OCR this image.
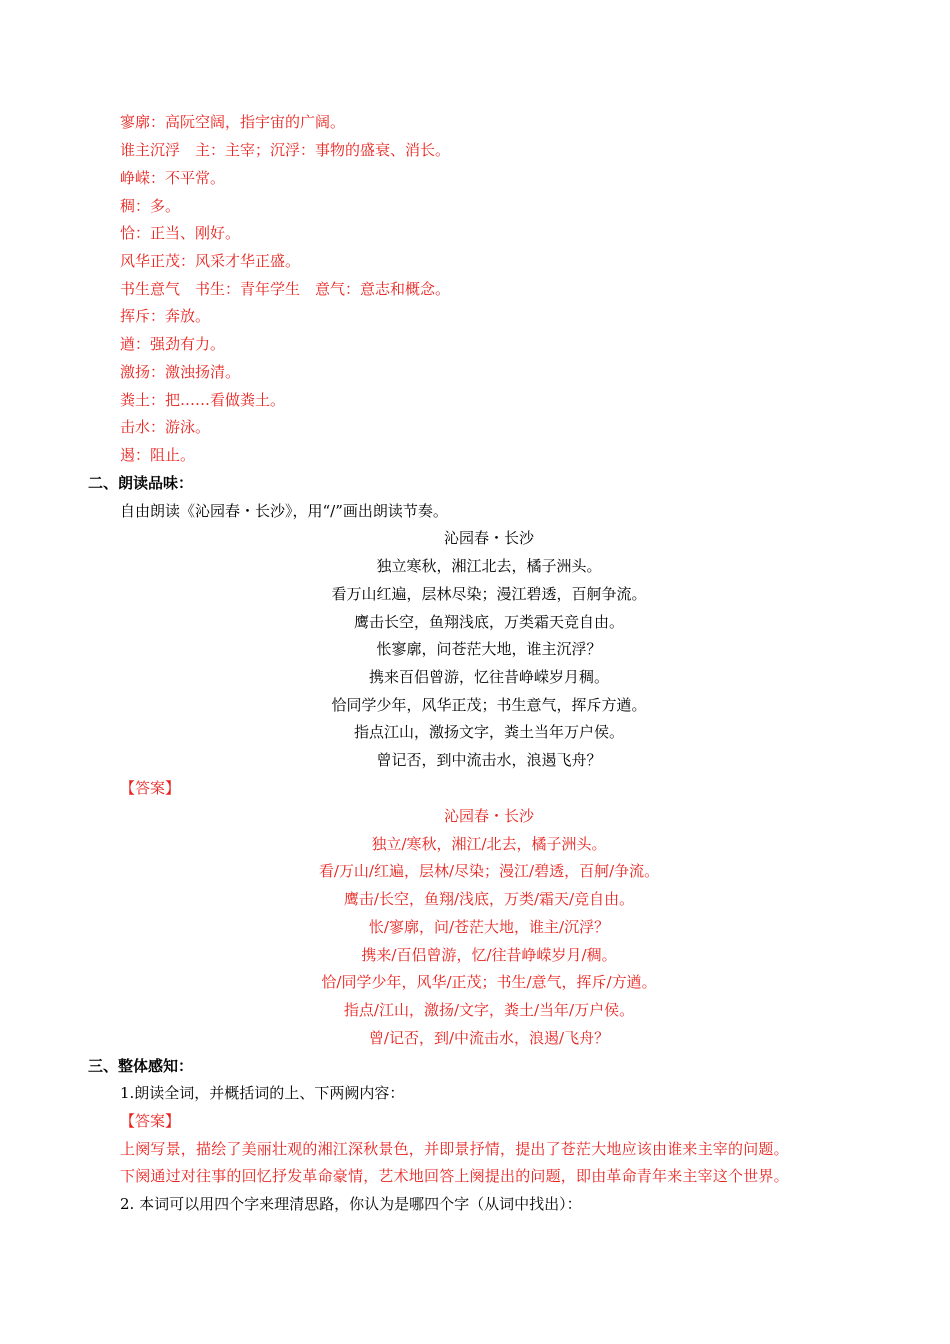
寥廓：高阮空阔，指宇宙的广阔。
谁主沉浮　主：主宰；沉浮：事物的盛衰、消长。
峥嵘：不平常。
稠：多。
恰：正当、刚好。
风华正茂：风采才华正盛。
书生意气　书生：青年学生　意气：意志和概念。
挥斥：奔放。
遒：强劲有力。
激扬：激浊扬清。
粪土：把……看做粪土。
击水：游泳。
遏：阻止。
二、朗读品味：
自由朗读《沁园春・长沙》，用“/”画出朗读节奏。
沁园春・长沙
独立寒秋，湘江北去，橘子洲头。
看万山红遍，层林尽染；漫江碧透，百舸争流。
鹰击长空，鱼翔浅底，万类霜天竞自由。
怅寥廓，问苍茫大地，谁主沉浮？
携来百侣曾游，忆往昔峥嵘岁月稠。
恰同学少年，风华正茂；书生意气，挥斥方遒。
指点江山，激扬文字，粪土当年万户侯。
曾记否，到中流击水，浪遏飞舟？
【答案】
沁园春・长沙
独立/寒秋，湘江/北去，橘子洲头。
看/万山/红遍，层林/尽染；漫江/碧透，百舸/争流。
鹰击/长空，鱼翔/浅底，万类/霜天/竞自由。
怅/寥廓，问/苍茫大地，谁主/沉浮？
携来/百侣曾游，忆/往昔峥嵘岁月/稠。
恰/同学少年，风华/正茂；书生/意气，挥斥/方遒。
指点/江山，激扬/文字，粪土/当年/万户侯。
曾/记否，到/中流击水，浪遏/飞舟？
三、整体感知：
1.朗读全词，并概括词的上、下两阙内容：
【答案】
上阕写景，描绘了美丽壮观的湘江深秋景色，并即景抒情，提出了苍茫大地应该由谁来主宰的问题。
下阕通过对往事的回忆抒发革命豪情，艺术地回答上阕提出的问题，即由革命青年来主宰这个世界。
2. 本词可以用四个字来理清思路，你认为是哪四个字（从词中找出）：
